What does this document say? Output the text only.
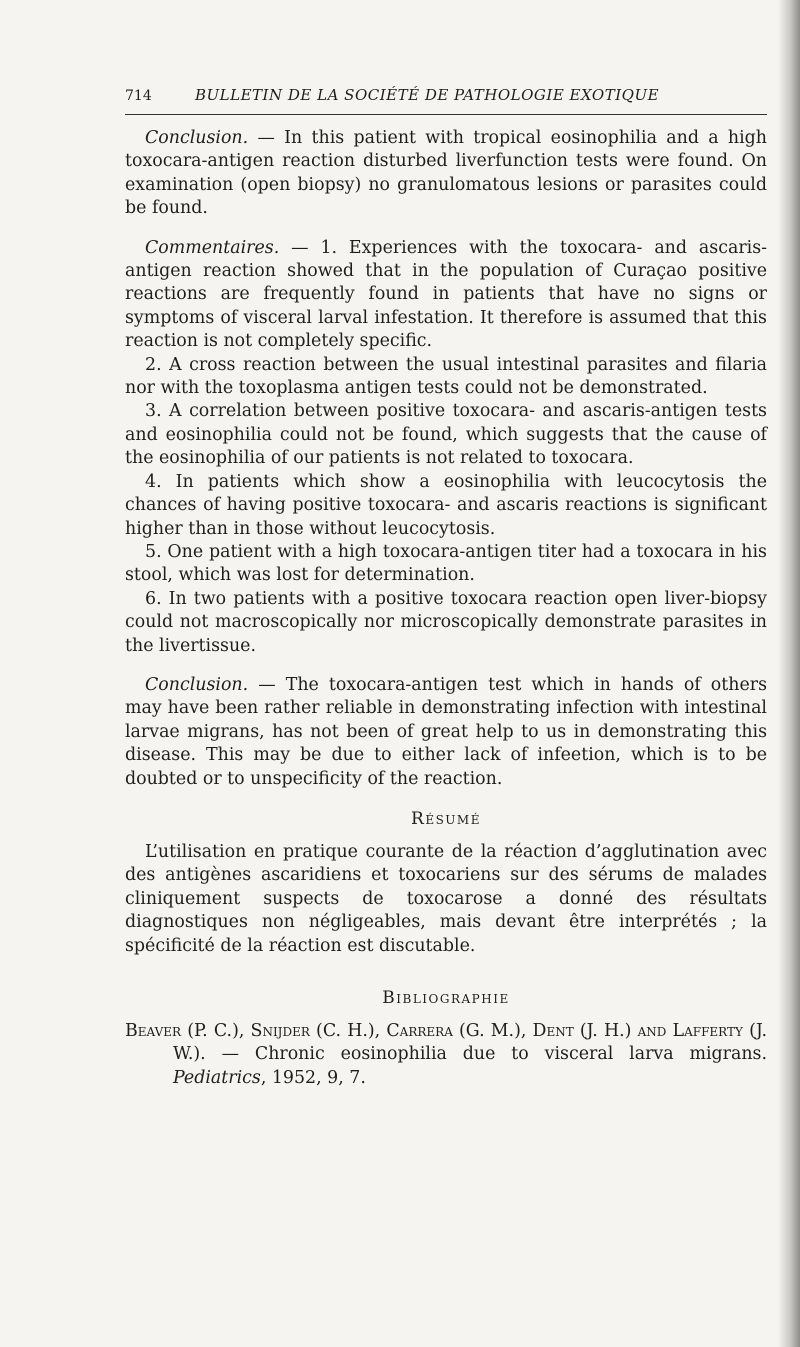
714	BULLETIN DE LA SOCIÉTÉ DE PATHOLOGIE EXOTIQUE

Conclusion. — In this patient with tropical eosinophilia and a high toxocara-antigen reaction disturbed liverfunction tests were found. On examination (open biopsy) no granulomatous lesions or parasites could be found.

Commentaires. — 1. Experiences with the toxocara- and ascaris-antigen reaction showed that in the population of Curaçao positive reactions are frequently found in patients that have no signs or symptoms of visceral larval infestation. It therefore is assumed that this reaction is not completely specific.

2. A cross reaction between the usual intestinal parasites and filaria nor with the toxoplasma antigen tests could not be demonstrated.

3. A correlation between positive toxocara- and ascaris-antigen tests and eosinophilia could not be found, which suggests that the cause of the eosinophilia of our patients is not related to toxocara.

4. In patients which show a eosinophilia with leucocytosis the chances of having positive toxocara- and ascaris reactions is significant higher than in those without leucocytosis.

5. One patient with a high toxocara-antigen titer had a toxocara in his stool, which was lost for determination.

6. In two patients with a positive toxocara reaction open liver-biopsy could not macroscopically nor microscopically demonstrate parasites in the livertissue.

Conclusion. — The toxocara-antigen test which in hands of others may have been rather reliable in demonstrating infection with intestinal larvae migrans, has not been of great help to us in demonstrating this disease. This may be due to either lack of infeetion, which is to be doubted or to unspecificity of the reaction.

Résumé

L’utilisation en pratique courante de la réaction d’agglutination avec des antigènes ascaridiens et toxocariens sur des sérums de malades cliniquement suspects de toxocarose a donné des résultats diagnostiques non négligeables, mais devant être interprétés ; la spécificité de la réaction est discutable.

Bibliographie
Beaver (P. C.), Snijder (C. H.), Carrera (G. M.), Dent (J. H.) and Lafferty (J. W.). — Chronic eosinophilia due to visceral larva migrans. Pediatrics, 1952, 9, 7.
